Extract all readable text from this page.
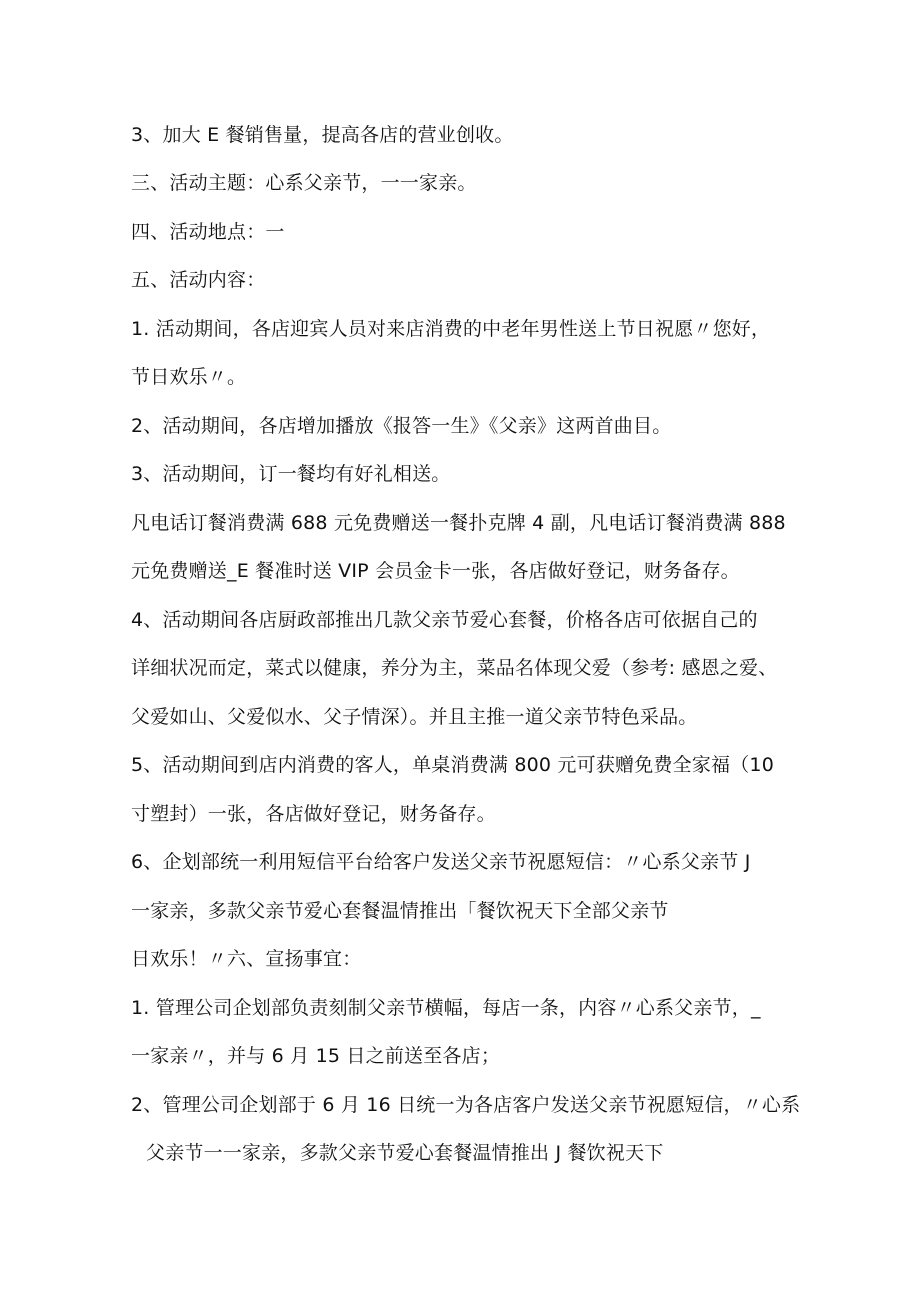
3、加大 E 餐销售量，提高各店的营业创收。
三、活动主题：心系父亲节，一一家亲。
四、活动地点：一
五、活动内容：
1. 活动期间，各店迎宾人员对来店消费的中老年男性送上节日祝愿〃您好，
节日欢乐〃。
2、活动期间，各店增加播放《报答一生》《父亲》这两首曲目。
3、活动期间，订一餐均有好礼相送。
凡电话订餐消费满 688 元免费赠送一餐扑克牌 4 副，凡电话订餐消费满 888
元免费赠送_E 餐准时送 VIP 会员金卡一张，各店做好登记，财务备存。
4、活动期间各店厨政部推出几款父亲节爱心套餐，价格各店可依据自己的
详细状况而定，菜式以健康，养分为主，菜品名体现父爱（参考: 感恩之爱、
父爱如山、父爱似水、父子情深）。并且主推一道父亲节特色采品。
5、活动期间到店内消费的客人，单桌消费满 800 元可获赠免费全家福（10
寸塑封）一张，各店做好登记，财务备存。
6、企划部统一利用短信平台给客户发送父亲节祝愿短信：〃心系父亲节 J
一家亲，多款父亲节爱心套餐温情推出「餐饮祝天下全部父亲节
日欢乐！〃六、宣扬事宜：
1. 管理公司企划部负责刻制父亲节横幅，每店一条，内容〃心系父亲节，_
一家亲〃，并与 6 月 15 日之前送至各店；
2、管理公司企划部于 6 月 16 日统一为各店客户发送父亲节祝愿短信，〃心系
父亲节一一家亲，多款父亲节爱心套餐温情推出 J 餐饮祝天下
